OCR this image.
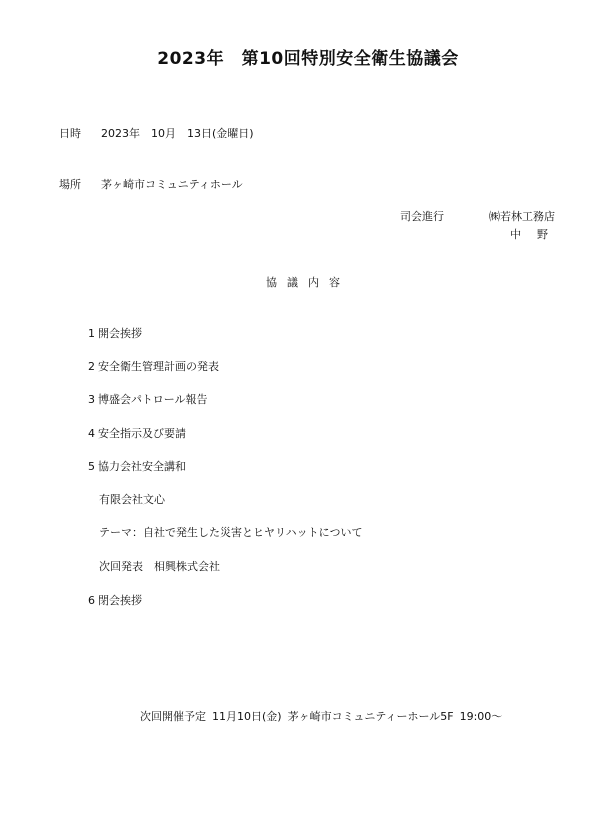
2023年　第10回特別安全衛生協議会
日時 2023年　10月　13日(金曜日)
場所 茅ヶ崎市コミュニティホール
司会進行	㈱若林工務店
中野
協議内容
1 開会挨拶
2 安全衛生管理計画の発表
3 博盛会パトロール報告
4 安全指示及び要請
5 協力会社安全講和
有限会社文心
テーマ：自社で発生した災害とヒヤリハットについて
次回発表　相興株式会社
6 閉会挨拶
次回開催予定 11月10日(金) 茅ヶ崎市コミュニティーホール5F 19:00～
